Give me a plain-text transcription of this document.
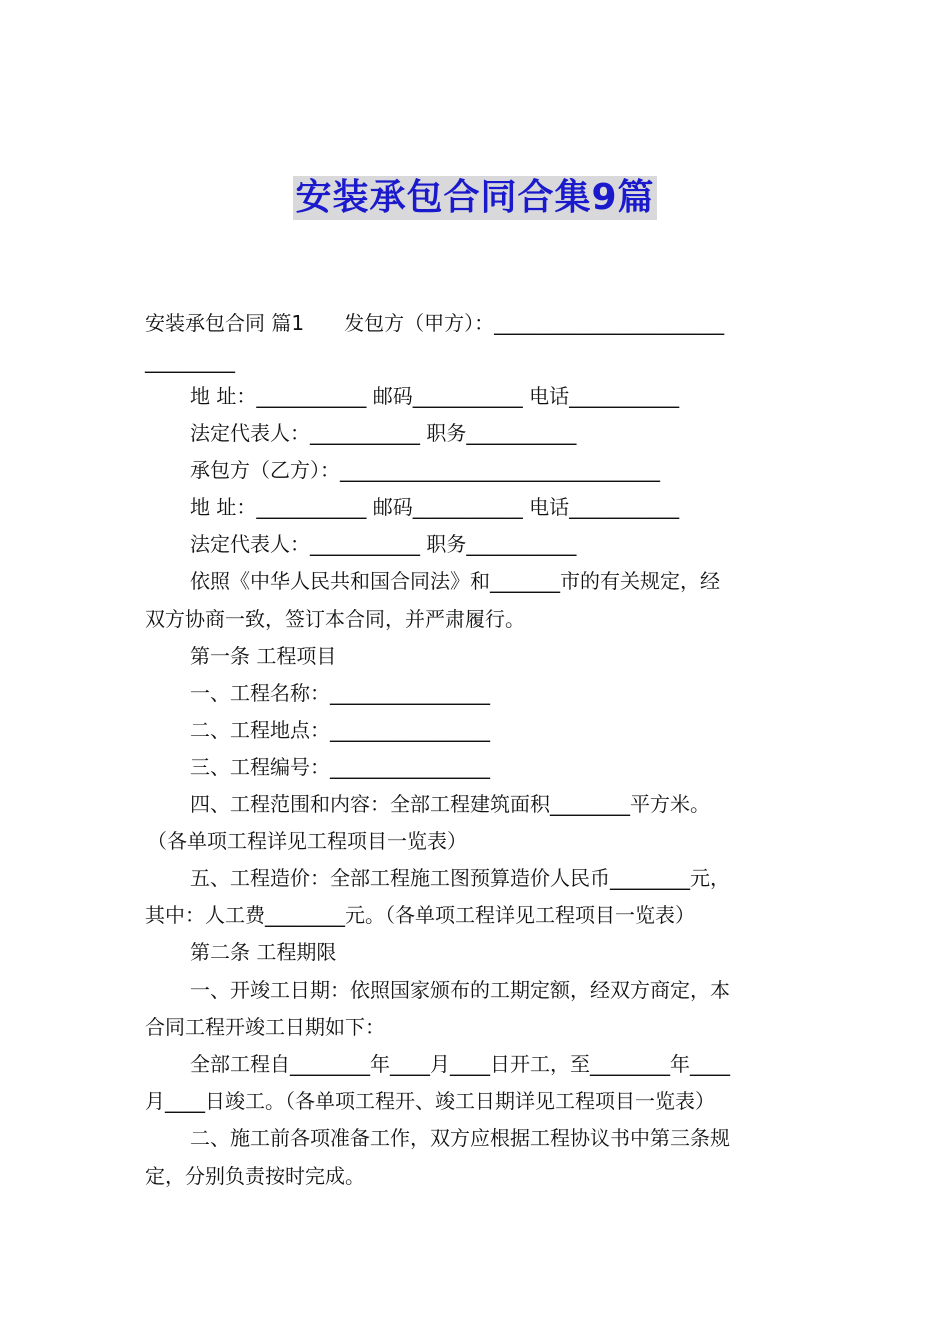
安装承包合同合集9篇
安装承包合同 篇1　　发包方（甲方）：_______________________
_________
地 址：___________ 邮码___________ 电话___________
法定代表人：___________ 职务___________
承包方（乙方）：________________________________
地 址：___________ 邮码___________ 电话___________
法定代表人：___________ 职务___________
依照《中华人民共和国合同法》和_______市的有关规定，经
双方协商一致，签订本合同，并严肃履行。
第一条 工程项目
一、工程名称：________________
二、工程地点：________________
三、工程编号：________________
四、工程范围和内容：全部工程建筑面积________平方米。
（各单项工程详见工程项目一览表）
五、工程造价：全部工程施工图预算造价人民币________元，
其中：人工费________元。（各单项工程详见工程项目一览表）
第二条 工程期限
一、开竣工日期：依照国家颁布的工期定额，经双方商定，本
合同工程开竣工日期如下：
全部工程自________年____月____日开工，至________年____
月____日竣工。（各单项工程开、竣工日期详见工程项目一览表）
二、施工前各项准备工作，双方应根据工程协议书中第三条规
定，分别负责按时完成。
